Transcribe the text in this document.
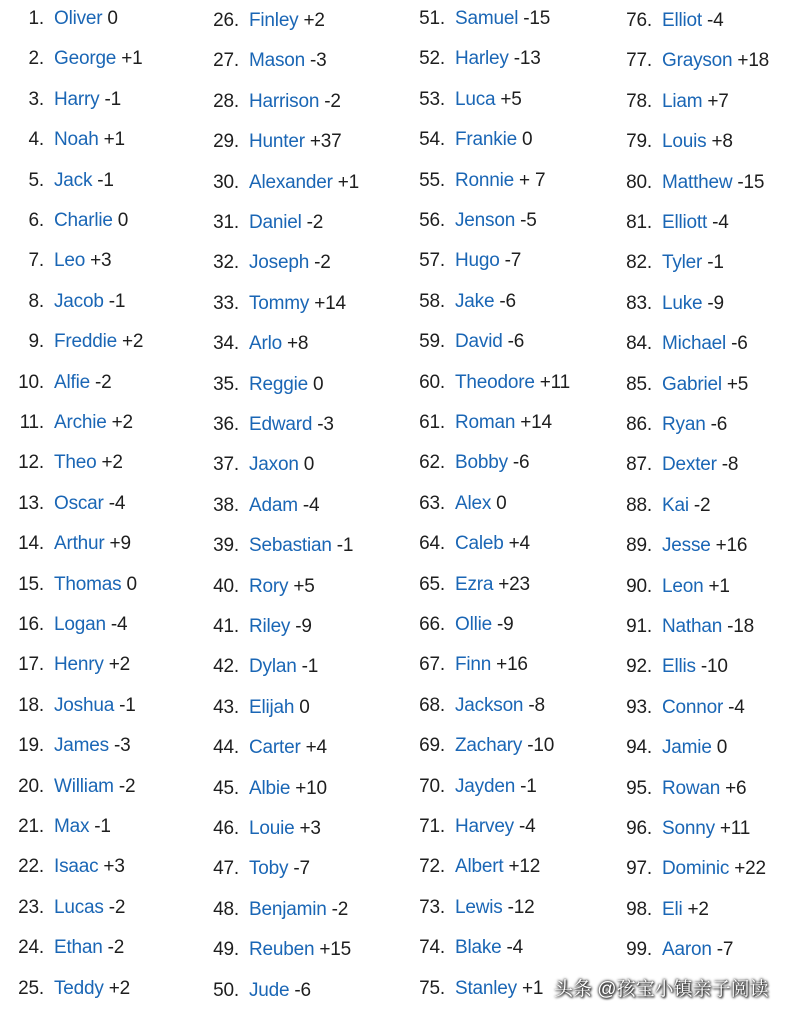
1. Oliver 0
2. George +1
3. Harry -1
4. Noah +1
5. Jack -1
6. Charlie 0
7. Leo +3
8. Jacob -1
9. Freddie +2
10. Alfie -2
11. Archie +2
12. Theo +2
13. Oscar -4
14. Arthur +9
15. Thomas 0
16. Logan -4
17. Henry +2
18. Joshua -1
19. James -3
20. William -2
21. Max -1
22. Isaac +3
23. Lucas -2
24. Ethan -2
25. Teddy +2
26. Finley +2
27. Mason -3
28. Harrison -2
29. Hunter +37
30. Alexander +1
31. Daniel -2
32. Joseph -2
33. Tommy +14
34. Arlo +8
35. Reggie 0
36. Edward -3
37. Jaxon 0
38. Adam -4
39. Sebastian -1
40. Rory +5
41. Riley -9
42. Dylan -1
43. Elijah 0
44. Carter +4
45. Albie +10
46. Louie +3
47. Toby -7
48. Benjamin -2
49. Reuben +15
50. Jude -6
51. Samuel -15
52. Harley -13
53. Luca +5
54. Frankie 0
55. Ronnie + 7
56. Jenson -5
57. Hugo -7
58. Jake -6
59. David -6
60. Theodore +11
61. Roman +14
62. Bobby -6
63. Alex 0
64. Caleb +4
65. Ezra +23
66. Ollie -9
67. Finn +16
68. Jackson -8
69. Zachary -10
70. Jayden -1
71. Harvey -4
72. Albert +12
73. Lewis -12
74. Blake -4
75. Stanley +1
76. Elliot -4
77. Grayson +18
78. Liam +7
79. Louis +8
80. Matthew -15
81. Elliott -4
82. Tyler -1
83. Luke -9
84. Michael -6
85. Gabriel +5
86. Ryan -6
87. Dexter -8
88. Kai -2
89. Jesse +16
90. Leon +1
91. Nathan -18
92. Ellis -10
93. Connor -4
94. Jamie 0
95. Rowan +6
96. Sonny +11
97. Dominic +22
98. Eli +2
99. Aaron -7
头条 @孩宝小镇亲子阅读
